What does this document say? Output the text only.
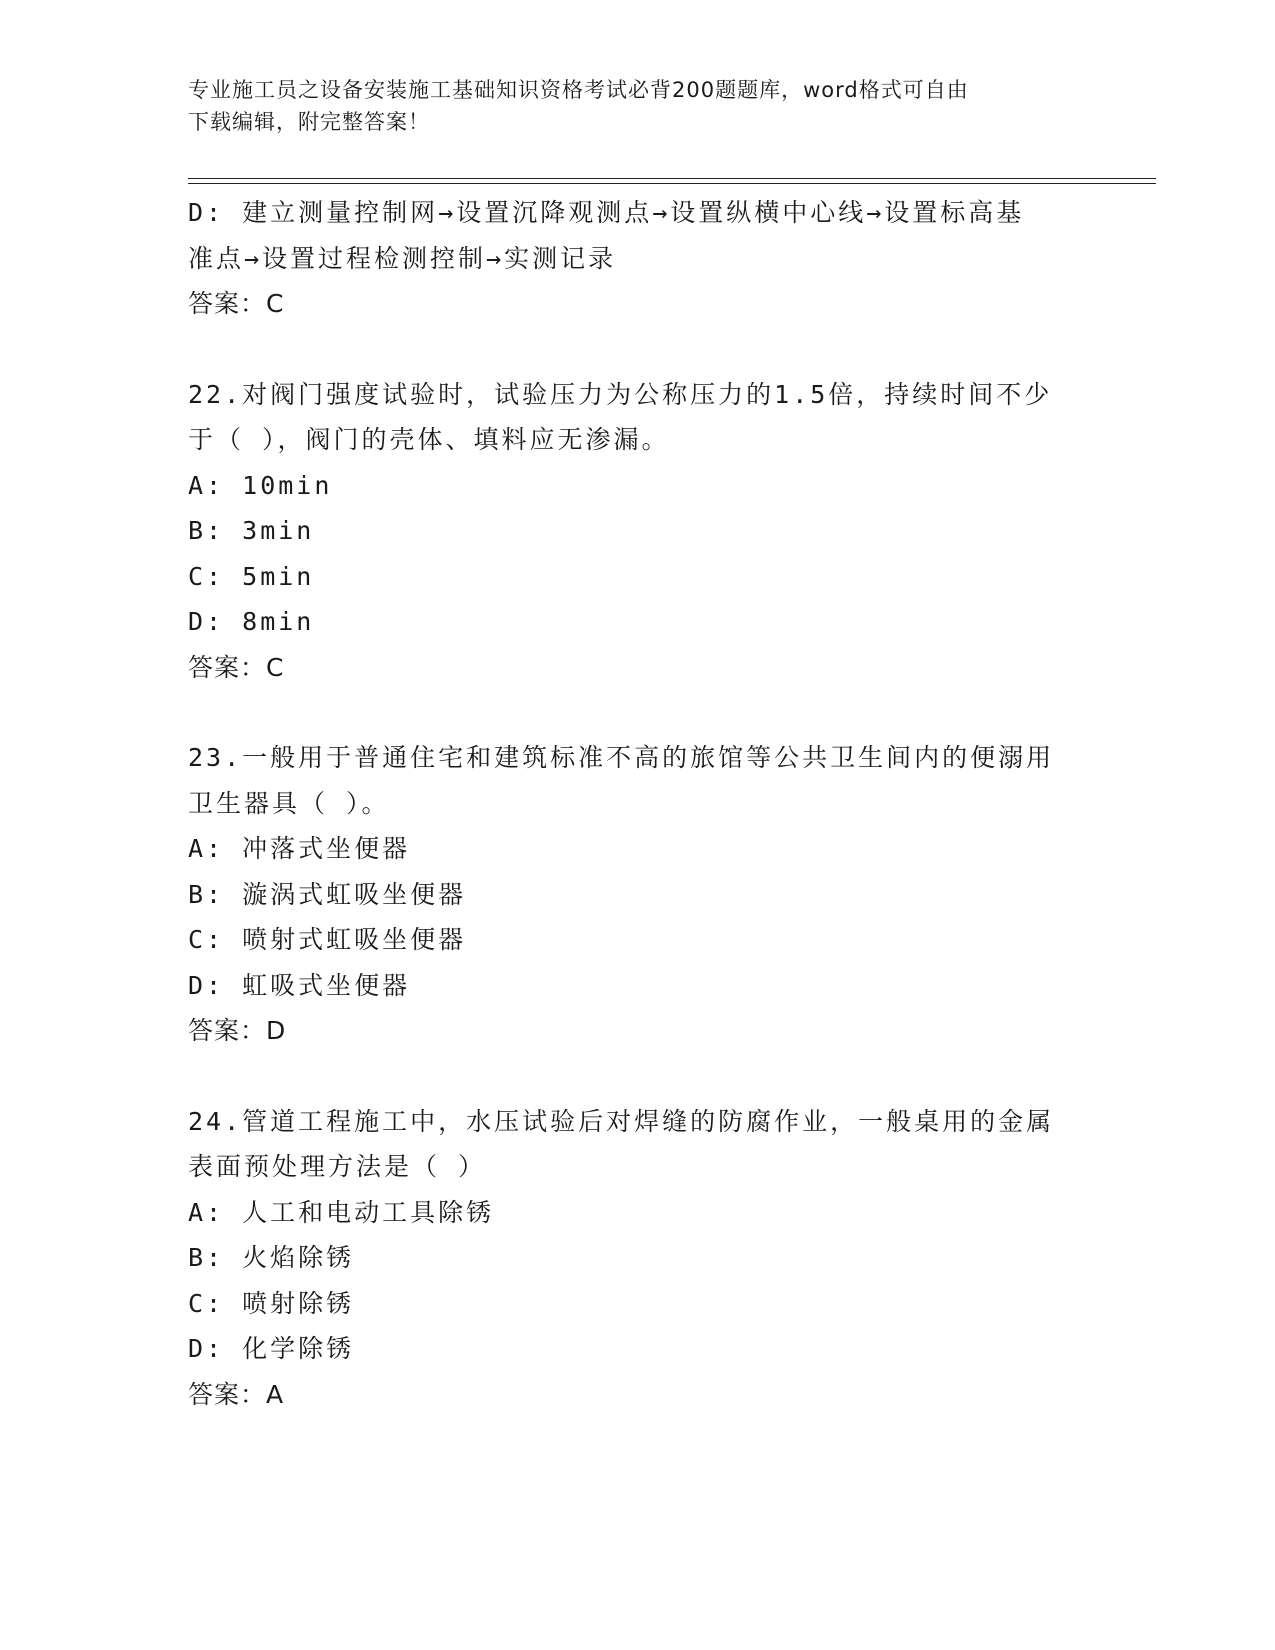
专业施工员之设备安装施工基础知识资格考试必背200题题库，word格式可自由
下载编辑，附完整答案！
D: 建立测量控制网→设置沉降观测点→设置纵横中心线→设置标高基
准点→设置过程检测控制→实测记录
答案：C
22.对阀门强度试验时，试验压力为公称压力的1.5倍，持续时间不少
于（ ），阀门的壳体、填料应无渗漏。
A: 10min
B: 3min
C: 5min
D: 8min
答案：C
23.一般用于普通住宅和建筑标准不高的旅馆等公共卫生间内的便溺用
卫生器具（ ）。
A: 冲落式坐便器
B: 漩涡式虹吸坐便器
C: 喷射式虹吸坐便器
D: 虹吸式坐便器
答案：D
24.管道工程施工中，水压试验后对焊缝的防腐作业，一般桌用的金属
表面预处理方法是（ ）
A: 人工和电动工具除锈
B: 火焰除锈
C: 喷射除锈
D: 化学除锈
答案：A
